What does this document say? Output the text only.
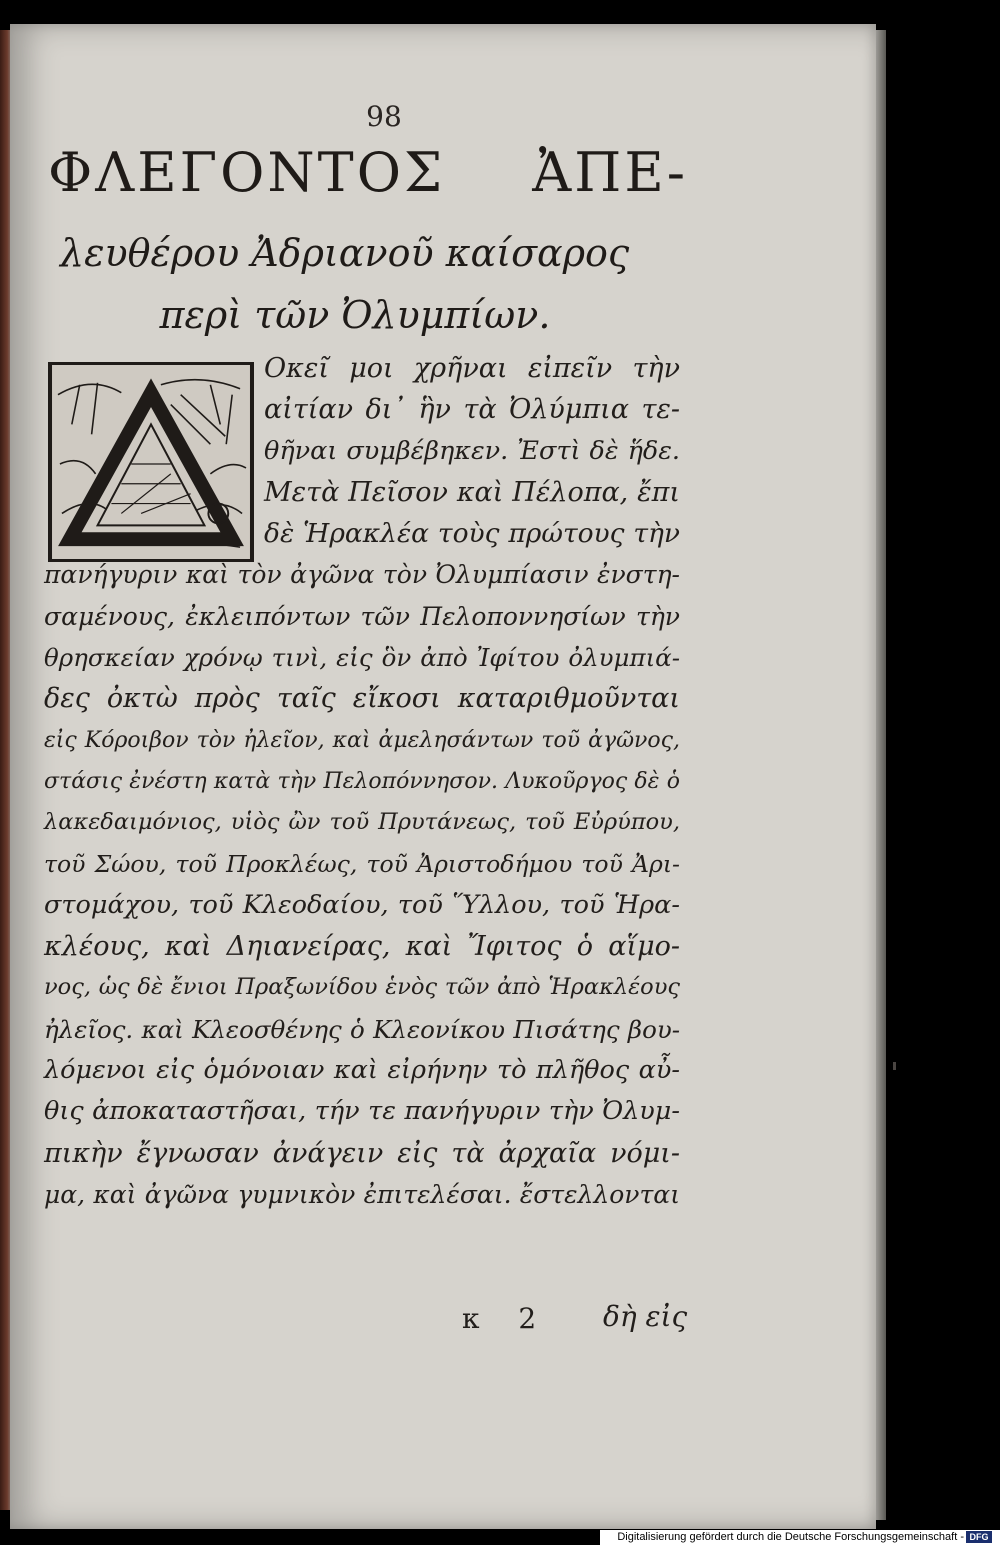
98
ΦΛΕΓΟΝΤΟΣ ἈΠΕ-
λευθέρου Ἀδριανοῦ καίσαρος
περὶ τῶν Ὀλυμπίων.
Οκεῖ μοι χρῆναι εἰπεῖν τὴν
αἰτίαν δι᾽ ἣν τὰ Ὀλύμπια τε-
θῆναι συμβέβηκεν. Ἐστὶ δὲ ἥδε.
Μετὰ Πεῖσον καὶ Πέλοπα, ἔπι
δὲ Ἡρακλέα τοὺς πρώτους τὴν
πανήγυριν καὶ τὸν ἀγῶνα τὸν Ὀλυμπίασιν ἐνστη-
σαμένους, ἐκλειπόντων τῶν Πελοποννησίων τὴν
θρησκείαν χρόνῳ τινὶ, εἰς ὃν ἀπὸ Ἰφίτου ὀλυμπιά-
δες ὀκτὼ πρὸς ταῖς εἴκοσι καταριθμοῦνται
εἰς Κόροιβον τὸν ἠλεῖον, καὶ ἀμελησάντων τοῦ ἀγῶνος,
στάσις ἐνέστη κατὰ τὴν Πελοπόννησον. Λυκοῦργος δὲ ὁ
λακεδαιμόνιος, υἱὸς ὢν τοῦ Πρυτάνεως, τοῦ Εὐρύπου,
τοῦ Σώου, τοῦ Προκλέως, τοῦ Ἀριστοδήμου τοῦ Ἀρι-
στομάχου, τοῦ Κλεοδαίου, τοῦ Ὕλλου, τοῦ Ἡρα-
κλέους, καὶ Δηιανείρας, καὶ Ἴφιτος ὁ αἵμο-
νος, ὡς δὲ ἔνιοι Πραξωνίδου ἑνὸς τῶν ἀπὸ Ἡρακλέους
ἠλεῖος. καὶ Κλεοσθένης ὁ Κλεονίκου Πισάτης βου-
λόμενοι εἰς ὁμόνοιαν καὶ εἰρήνην τὸ πλῆθος αὖ-
θις ἀποκαταστῆσαι, τήν τε πανήγυριν τὴν Ὀλυμ-
πικὴν ἔγνωσαν ἀνάγειν εἰς τὰ ἀρχαῖα νόμι-
μα, καὶ ἀγῶνα γυμνικὸν ἐπιτελέσαι. ἔστελλονται
κ 2 δὴ εἰς
Digitalisierung gefördert durch die Deutsche Forschungsgemeinschaft - DFG
